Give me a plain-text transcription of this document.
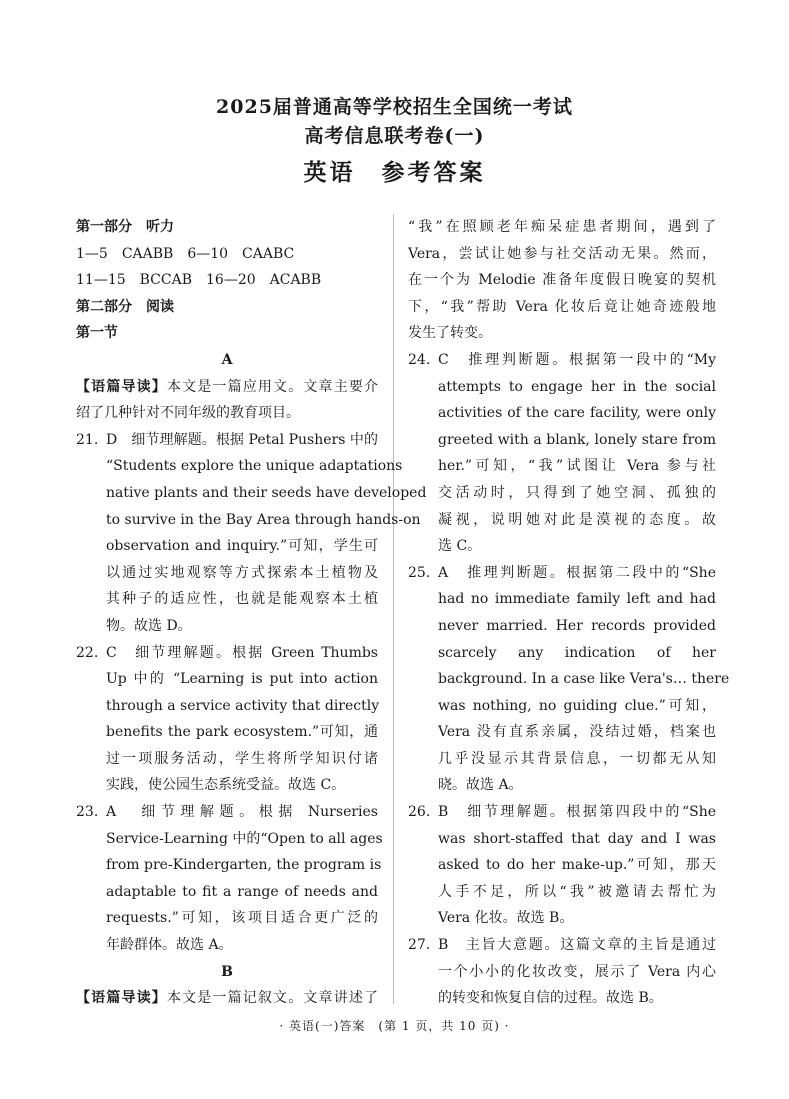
2025届普通高等学校招生全国统一考试
高考信息联考卷(一)
英语　参考答案
第一部分　听力
1—5　CAABB　6—10　CAABC
11—15　BCCAB　16—20　ACABB
第二部分　阅读
第一节
A
【语篇导读】本文是一篇应用文。文章主要介
绍了几种针对不同年级的教育项目。
21. D　细节理解题。根据 Petal Pushers 中的
“Students explore the unique adaptations
native plants and their seeds have developed
to survive in the Bay Area through hands-on
observation and inquiry.”可知，学生可
以通过实地观察等方式探索本土植物及
其种子的适应性，也就是能观察本土植
物。故选 D。
22. C　细节理解题。根据 Green Thumbs
Up 中的 “Learning is put into action
through a service activity that directly
benefits the park ecosystem.”可知，通
过一项服务活动，学生将所学知识付诸
实践，使公园生态系统受益。故选 C。
23. A　细节理解题。根据 Nurseries
Service-Learning 中的“Open to all ages
from pre-Kindergarten, the program is
adaptable to fit a range of needs and
requests.”可知，该项目适合更广泛的
年龄群体。故选 A。
B
【语篇导读】本文是一篇记叙文。文章讲述了
“我”在照顾老年痴呆症患者期间，遇到了
Vera，尝试让她参与社交活动无果。然而，
在一个为 Melodie 准备年度假日晚宴的契机
下，“我”帮助 Vera 化妆后竟让她奇迹般地
发生了转变。
24. C　推理判断题。根据第一段中的“My
attempts to engage her in the social
activities of the care facility, were only
greeted with a blank, lonely stare from
her.”可知，“我”试图让 Vera 参与社
交活动时，只得到了她空洞、孤独的
凝视，说明她对此是漠视的态度。故
选 C。
25. A　推理判断题。根据第二段中的“She
had no immediate family left and had
never married. Her records provided
scarcely any indication of her
background. In a case like Vera's… there
was nothing, no guiding clue.”可知，
Vera 没有直系亲属，没结过婚，档案也
几乎没显示其背景信息，一切都无从知
晓。故选 A。
26. B　细节理解题。根据第四段中的“She
was short-staffed that day and I was
asked to do her make-up.”可知，那天
人手不足，所以“我”被邀请去帮忙为
Vera 化妆。故选 B。
27. B　主旨大意题。这篇文章的主旨是通过
一个小小的化妆改变，展示了 Vera 内心
的转变和恢复自信的过程。故选 B。
· 英语(一)答案　(第 1 页，共 10 页) ·
